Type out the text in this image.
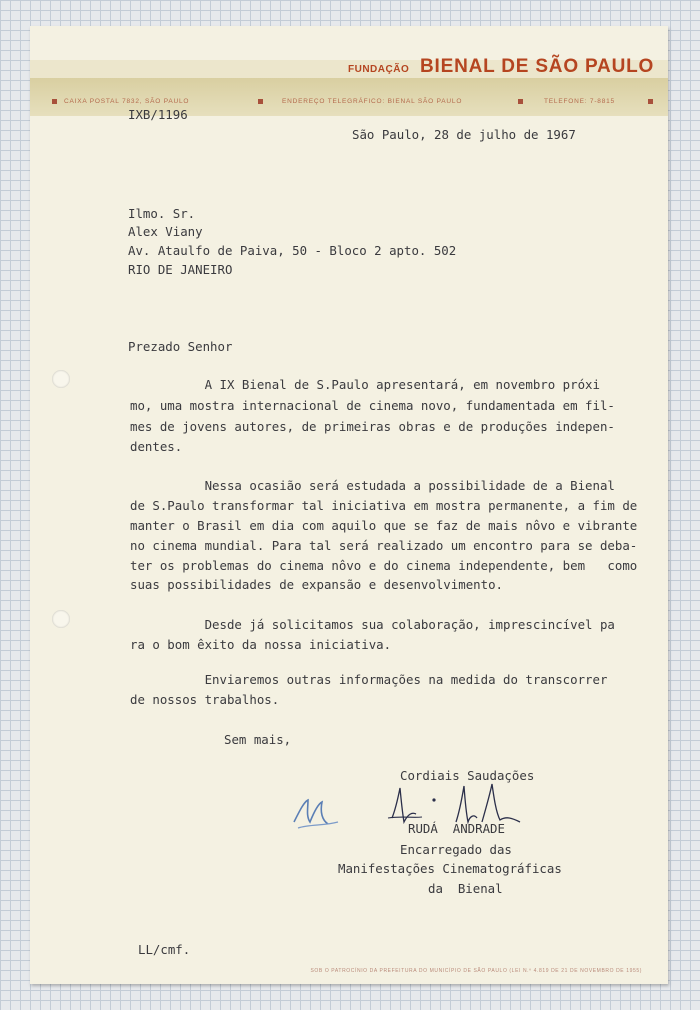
FUNDAÇÃO BIENAL DE SÃO PAULO
CAIXA POSTAL 7832, SÃO PAULO	ENDEREÇO TELEGRÁFICO: BIENAL SÃO PAULO	TELEFONE: 7-8815
IXB/1196
São Paulo, 28 de julho de 1967
Ilmo. Sr.
Alex Viany
Av. Ataulfo de Paiva, 50 - Bloco 2 apto. 502
RIO DE JANEIRO
Prezado Senhor
A IX Bienal de S.Paulo apresentará, em novembro próxi
mo, uma mostra internacional de cinema novo, fundamentada em fil-
mes de jovens autores, de primeiras obras e de produções indepen-
dentes.
Nessa ocasião será estudada a possibilidade de a Bienal
de S.Paulo transformar tal iniciativa em mostra permanente, a fim de
manter o Brasil em dia com aquilo que se faz de mais nôvo e vibrante
no cinema mundial. Para tal será realizado um encontro para se deba-
ter os problemas do cinema nôvo e do cinema independente, bem   como
suas possibilidades de expansão e desenvolvimento.
Desde já solicitamos sua colaboração, imprescincível pa
ra o bom êxito da nossa iniciativa.
Enviaremos outras informações na medida do transcorrer
de nossos trabalhos.
Sem mais,
Cordiais Saudações
RUDÁ  ANDRADE
Encarregado das
Manifestações Cinematográficas
da  Bienal
LL/cmf.
SOB O PATROCÍNIO DA PREFEITURA DO MUNICÍPIO DE SÃO PAULO (LEI N.º 4.819 DE 21 DE NOVEMBRO DE 1955)
